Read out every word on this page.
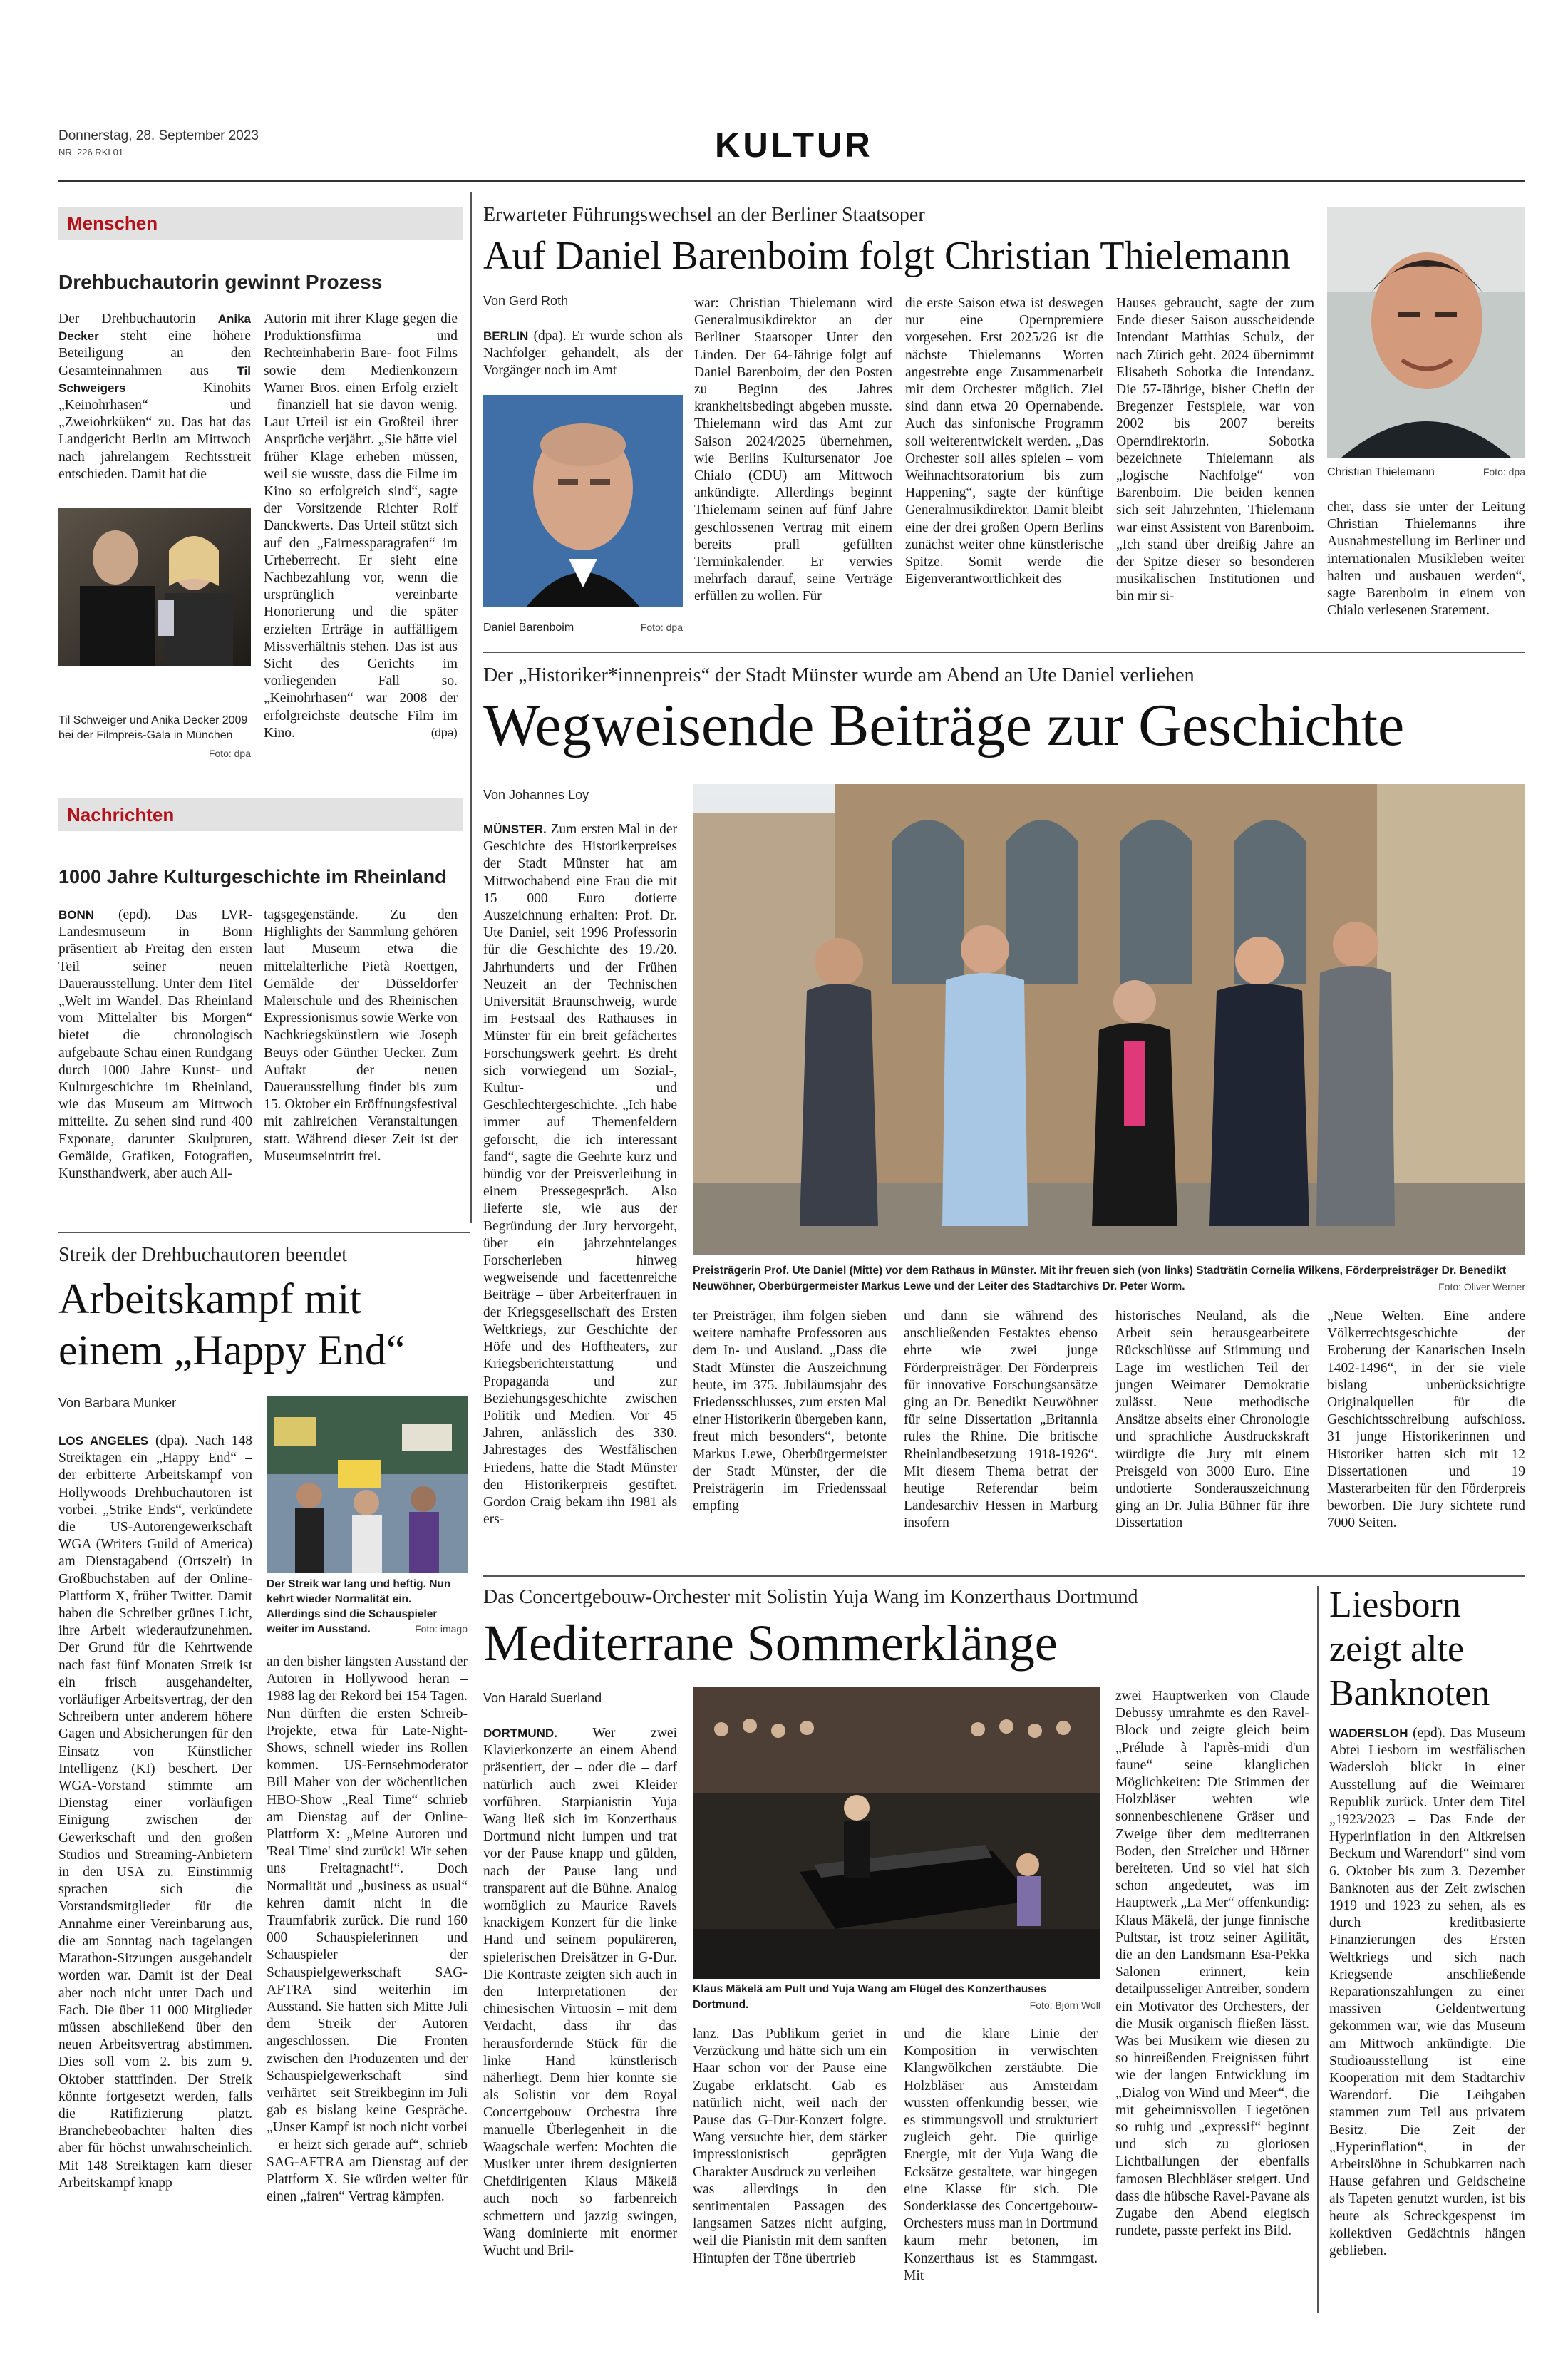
Donnerstag, 28. September 2023
NR. 226 RKL01	KULTUR
Menschen
Drehbuchautorin gewinnt Prozess
Der Drehbuchautorin Anika Decker steht eine höhere Beteiligung an den Gesamteinnahmen aus Til Schweigers Kinohits „Keinohrhasen“ und „Zweiohrküken“ zu. Das hat das Landgericht Berlin am Mittwoch nach jahrelangem Rechtsstreit entschieden. Damit hat die
Autorin mit ihrer Klage gegen die Produktionsfirma und Rechteinhaberin Bare- foot Films sowie dem Medienkonzern Warner Bros. einen Erfolg erzielt – finanziell hat sie davon wenig. Laut Urteil ist ein Großteil ihrer Ansprüche verjährt. „Sie hätte viel früher Klage erheben müssen, weil sie wusste, dass die Filme im Kino so erfolgreich sind“, sagte der Vorsitzende Richter Rolf Danckwerts. Das Urteil stützt sich auf den „Fairnessparagrafen“ im Urheberrecht. Er sieht eine Nachbezahlung vor, wenn die ursprünglich vereinbarte Honorierung und die später erzielten Erträge in auffälligem Missverhältnis stehen. Das ist aus Sicht des Gerichts im vorliegenden Fall so. „Keinohrhasen“ war 2008 der erfolgreichste deutsche Film im Kino.	(dpa)
Foto: dpa
Til Schweiger und Anika Decker 2009 bei der Filmpreis-Gala in München
Nachrichten
1000 Jahre Kulturgeschichte im Rheinland
BONN (epd). Das LVR-Landesmuseum in Bonn präsentiert ab Freitag den ersten Teil seiner neuen Dauerausstellung. Unter dem Titel „Welt im Wandel. Das Rheinland vom Mittelalter bis Morgen“ bietet die chronologisch aufgebaute Schau einen Rundgang durch 1000 Jahre Kunst- und Kulturgeschichte im Rheinland, wie das Museum am Mittwoch mitteilte. Zu sehen sind rund 400 Exponate, darunter Skulpturen, Gemälde, Grafiken, Fotografien, Kunsthandwerk, aber auch All-
tagsgegenstände. Zu den Highlights der Sammlung gehören laut Museum etwa die mittelalterliche Pietà Roettgen, Gemälde der Düsseldorfer Malerschule und des Rheinischen Expressionismus sowie Werke von Nachkriegskünstlern wie Joseph Beuys oder Günther Uecker. Zum Auftakt der neuen Dauerausstellung findet bis zum 15. Oktober ein Eröffnungsfestival mit zahlreichen Veranstaltungen statt. Während dieser Zeit ist der Museumseintritt frei.
Streik der Drehbuchautoren beendet
Arbeitskampf mit
einem „Happy End“
Von Barbara Munker
LOS ANGELES (dpa). Nach 148 Streiktagen ein „Happy End“ – der erbitterte Arbeitskampf von Hollywoods Drehbuchautoren ist vorbei. „Strike Ends“, verkündete die US-Autorengewerkschaft WGA (Writers Guild of America) am Dienstagabend (Ortszeit) in Großbuchstaben auf der Online-Plattform X, früher Twitter. Damit haben die Schreiber grünes Licht, ihre Arbeit wiederaufzunehmen. Der Grund für die Kehrtwende nach fast fünf Monaten Streik ist ein frisch ausgehandelter, vorläufiger Arbeitsvertrag, der den Schreibern unter anderem höhere Gagen und Absicherungen für den Einsatz von Künstlicher Intelligenz (KI) beschert. Der WGA-Vorstand stimmte am Dienstag einer vorläufigen Einigung zwischen der Gewerkschaft und den großen Studios und Streaming-Anbietern in den USA zu. Einstimmig sprachen sich die Vorstandsmitglieder für die Annahme einer Vereinbarung aus, die am Sonntag nach tagelangen Marathon-Sitzungen ausgehandelt worden war. Damit ist der Deal aber noch nicht unter Dach und Fach. Die über 11 000 Mitglieder müssen abschließend über den neuen Arbeitsvertrag abstimmen. Dies soll vom 2. bis zum 9. Oktober stattfinden. Der Streik könnte fortgesetzt werden, falls die Ratifizierung platzt. Branchebeobachter halten dies aber für höchst unwahrscheinlich. Mit 148 Streiktagen kam dieser Arbeitskampf knapp
Der Streik war lang und heftig. Nun kehrt wieder Normalität ein. Allerdings sind die Schauspieler weiter im Ausstand.	Foto: imago
an den bisher längsten Ausstand der Autoren in Hollywood heran – 1988 lag der Rekord bei 154 Tagen. Nun dürften die ersten Schreib-Projekte, etwa für Late-Night-Shows, schnell wieder ins Rollen kommen. US-Fernsehmoderator Bill Maher von der wöchentlichen HBO-Show „Real Time“ schrieb am Dienstag auf der Online-Plattform X: „Meine Autoren und 'Real Time' sind zurück! Wir sehen uns Freitagnacht!“. Doch Normalität und „business as usual“ kehren damit nicht in die Traumfabrik zurück. Die rund 160 000 Schauspielerinnen und Schauspieler der Schauspielgewerkschaft SAG-AFTRA sind weiterhin im Ausstand. Sie hatten sich Mitte Juli dem Streik der Autoren angeschlossen. Die Fronten zwischen den Produzenten und der Schauspielgewerkschaft sind verhärtet – seit Streikbeginn im Juli gab es bislang keine Gespräche. „Unser Kampf ist noch nicht vorbei – er heizt sich gerade auf“, schrieb SAG-AFTRA am Dienstag auf der Plattform X. Sie würden weiter für einen „fairen“ Vertrag kämpfen.
Erwarteter Führungswechsel an der Berliner Staatsoper
Auf Daniel Barenboim folgt Christian Thielemann
Von Gerd Roth
BERLIN (dpa). Er wurde schon als Nachfolger gehandelt, als der Vorgänger noch im Amt
Foto: dpa
Daniel Barenboim
war: Christian Thielemann wird Generalmusikdirektor an der Berliner Staatsoper Unter den Linden. Der 64-Jährige folgt auf Daniel Barenboim, der den Posten zu Beginn des Jahres krankheitsbedingt abgeben musste. Thielemann wird das Amt zur Saison 2024/2025 übernehmen, wie Berlins Kultursenator Joe Chialo (CDU) am Mittwoch ankündigte. Allerdings beginnt Thielemann seinen auf fünf Jahre geschlossenen Vertrag mit einem bereits prall gefüllten Terminkalender. Er verwies mehrfach darauf, seine Verträge erfüllen zu wollen. Für
die erste Saison etwa ist deswegen nur eine Opernpremiere vorgesehen. Erst 2025/26 ist die nächste Thielemanns Worten angestrebte enge Zusammenarbeit mit dem Orchester möglich. Ziel sind dann etwa 20 Opernabende. Auch das sinfonische Programm soll weiterentwickelt werden. „Das Orchester soll alles spielen – vom Weihnachtsoratorium bis zum Happening“, sagte der künftige Generalmusikdirektor. Damit bleibt eine der drei großen Opern Berlins zunächst weiter ohne künstlerische Spitze. Somit werde die Eigenverantwortlichkeit des
Hauses gebraucht, sagte der zum Ende dieser Saison ausscheidende Intendant Matthias Schulz, der nach Zürich geht. 2024 übernimmt Elisabeth Sobotka die Intendanz. Die 57-Jährige, bisher Chefin der Bregenzer Festspiele, war von 2002 bis 2007 bereits Operndirektorin. Sobotka bezeichnete Thielemann als „logische Nachfolge“ von Barenboim. Die beiden kennen sich seit Jahrzehnten, Thielemann war einst Assistent von Barenboim. „Ich stand über dreißig Jahre an der Spitze dieser so besonderen musikalischen Institutionen und bin mir si-
Foto: dpa
Christian Thielemann
cher, dass sie unter der Leitung Christian Thielemanns ihre Ausnahmestellung im Berliner und internationalen Musikleben weiter halten und ausbauen werden“, sagte Barenboim in einem von Chialo verlesenen Statement.
Der „Historiker*innenpreis“ der Stadt Münster wurde am Abend an Ute Daniel verliehen
Wegweisende Beiträge zur Geschichte
Von Johannes Loy
MÜNSTER. Zum ersten Mal in der Geschichte des Historikerpreises der Stadt Münster hat am Mittwochabend eine Frau die mit 15 000 Euro dotierte Auszeichnung erhalten: Prof. Dr. Ute Daniel, seit 1996 Professorin für die Geschichte des 19./20. Jahrhunderts und der Frühen Neuzeit an der Technischen Universität Braunschweig, wurde im Festsaal des Rathauses in Münster für ein breit gefächertes Forschungswerk geehrt. Es dreht sich vorwiegend um Sozial-, Kultur- und Geschlechtergeschichte. „Ich habe immer auf Themenfeldern geforscht, die ich interessant fand“, sagte die Geehrte kurz und bündig vor der Preisverleihung in einem Pressegespräch. Also lieferte sie, wie aus der Begründung der Jury hervorgeht, über ein jahrzehntelanges Forscherleben hinweg wegweisende und facettenreiche Beiträge – über Arbeiterfrauen in der Kriegsgesellschaft des Ersten Weltkriegs, zur Geschichte der Höfe und des Hoftheaters, zur Kriegsberichterstattung und Propaganda und zur Beziehungsgeschichte zwischen Politik und Medien. Vor 45 Jahren, anlässlich des 330. Jahrestages des Westfälischen Friedens, hatte die Stadt Münster den Historikerpreis gestiftet. Gordon Craig bekam ihn 1981 als ers-
Preisträgerin Prof. Ute Daniel (Mitte) vor dem Rathaus in Münster. Mit ihr freuen sich (von links) Stadträtin Cornelia Wilkens, Förderpreisträger Dr. Benedikt Neuwöhner, Oberbürgermeister Markus Lewe und der Leiter des Stadtarchivs Dr. Peter Worm.	Foto: Oliver Werner
ter Preisträger, ihm folgen sieben weitere namhafte Professoren aus dem In- und Ausland. „Dass die Stadt Münster die Auszeichnung heute, im 375. Jubiläumsjahr des Friedensschlusses, zum ersten Mal einer Historikerin übergeben kann, freut mich besonders“, betonte Markus Lewe, Oberbürgermeister der Stadt Münster, der die Preisträgerin im Friedenssaal empfing
und dann sie während des anschließenden Festaktes ebenso ehrte wie zwei junge Förderpreisträger. Der Förderpreis für innovative Forschungsansätze ging an Dr. Benedikt Neuwöhner für seine Dissertation „Britannia rules the Rhine. Die britische Rheinlandbesetzung 1918-1926“. Mit diesem Thema betrat der heutige Referendar beim Landesarchiv Hessen in Marburg insofern
historisches Neuland, als die Arbeit sein herausgearbeitete Rückschlüsse auf Stimmung und Lage im westlichen Teil der jungen Weimarer Demokratie zulässt. Neue methodische Ansätze abseits einer Chronologie und sprachliche Ausdruckskraft würdigte die Jury mit einem Preisgeld von 3000 Euro. Eine undotierte Sonderauszeichnung ging an Dr. Julia Bühner für ihre Dissertation
„Neue Welten. Eine andere Völkerrechtsgeschichte der Eroberung der Kanarischen Inseln 1402-1496“, in der sie viele bislang unberücksichtigte Originalquellen für die Geschichtsschreibung aufschloss. 31 junge Historikerinnen und Historiker hatten sich mit 12 Dissertationen und 19 Masterarbeiten für den Förderpreis beworben. Die Jury sichtete rund 7000 Seiten.
Das Concertgebouw-Orchester mit Solistin Yuja Wang im Konzerthaus Dortmund
Mediterrane Sommerklänge
Von Harald Suerland
DORTMUND. Wer zwei Klavierkonzerte an einem Abend präsentiert, der – oder die – darf natürlich auch zwei Kleider vorführen. Starpianistin Yuja Wang ließ sich im Konzerthaus Dortmund nicht lumpen und trat vor der Pause knapp und gülden, nach der Pause lang und transparent auf die Bühne. Analog womöglich zu Maurice Ravels knackigem Konzert für die linke Hand und seinem populäreren, spielerischen Dreisätzer in G-Dur. Die Kontraste zeigten sich auch in den Interpretationen der chinesischen Virtuosin – mit dem Verdacht, dass ihr das herausfordernde Stück für die linke Hand künstlerisch näherliegt. Denn hier konnte sie als Solistin vor dem Royal Concertgebouw Orchestra ihre manuelle Überlegenheit in die Waagschale werfen: Mochten die Musiker unter ihrem designierten Chefdirigenten Klaus Mäkelä auch noch so farbenreich schmettern und jazzig swingen, Wang dominierte mit enormer Wucht und Bril-
Klaus Mäkelä am Pult und Yuja Wang am Flügel des Konzerthauses Dortmund.	Foto: Björn Woll
lanz. Das Publikum geriet in Verzückung und hätte sich um ein Haar schon vor der Pause eine Zugabe erklatscht. Gab es natürlich nicht, weil nach der Pause das G-Dur-Konzert folgte. Wang versuchte hier, dem stärker impressionistisch geprägten Charakter Ausdruck zu verleihen – was allerdings in den sentimentalen Passagen des langsamen Satzes nicht aufging, weil die Pianistin mit dem sanften Hintupfen der Töne übertrieb
und die klare Linie der Komposition in verwischten Klangwölkchen zerstäubte. Die Holzbläser aus Amsterdam wussten offenkundig besser, wie es stimmungsvoll und strukturiert zugleich geht. Die quirlige Energie, mit der Yuja Wang die Ecksätze gestaltete, war hingegen eine Klasse für sich. Die Sonderklasse des Concertgebouw-Orchesters muss man in Dortmund kaum mehr betonen, im Konzerthaus ist es Stammgast. Mit
zwei Hauptwerken von Claude Debussy umrahmte es den Ravel-Block und zeigte gleich beim „Prélude à l'après-midi d'un faune“ seine klanglichen Möglichkeiten: Die Stimmen der Holzbläser wehten wie sonnenbeschienene Gräser und Zweige über dem mediterranen Boden, den Streicher und Hörner bereiteten. Und so viel hat sich schon angedeutet, was im Hauptwerk „La Mer“ offenkundig: Klaus Mäkelä, der junge finnische Pultstar, ist trotz seiner Agilität, die an den Landsmann Esa-Pekka Salonen erinnert, kein detailpusseliger Antreiber, sondern ein Motivator des Orchesters, der die Musik organisch fließen lässt. Was bei Musikern wie diesen zu so hinreißenden Ereignissen führt wie der langen Entwicklung im „Dialog von Wind und Meer“, die mit geheimnisvollen Liegetönen so ruhig und „expressif“ beginnt und sich zu gloriosen Lichtballungen der ebenfalls famosen Blechbläser steigert. Und dass die hübsche Ravel-Pavane als Zugabe den Abend elegisch rundete, passte perfekt ins Bild.
Liesborn
zeigt alte
Banknoten
WADERSLOH (epd). Das Museum Abtei Liesborn im westfälischen Wadersloh blickt in einer Ausstellung auf die Weimarer Republik zurück. Unter dem Titel „1923/2023 – Das Ende der Hyperinflation in den Altkreisen Beckum und Warendorf“ sind vom 6. Oktober bis zum 3. Dezember Banknoten aus der Zeit zwischen 1919 und 1923 zu sehen, als es durch kreditbasierte Finanzierungen des Ersten Weltkriegs und sich nach Kriegsende anschließende Reparationszahlungen zu einer massiven Geldentwertung gekommen war, wie das Museum am Mittwoch ankündigte. Die Studioausstellung ist eine Kooperation mit dem Stadtarchiv Warendorf. Die Leihgaben stammen zum Teil aus privatem Besitz. Die Zeit der „Hyperinflation“, in der Arbeitslöhne in Schubkarren nach Hause gefahren und Geldscheine als Tapeten genutzt wurden, ist bis heute als Schreckgespenst im kollektiven Gedächtnis hängen geblieben.
